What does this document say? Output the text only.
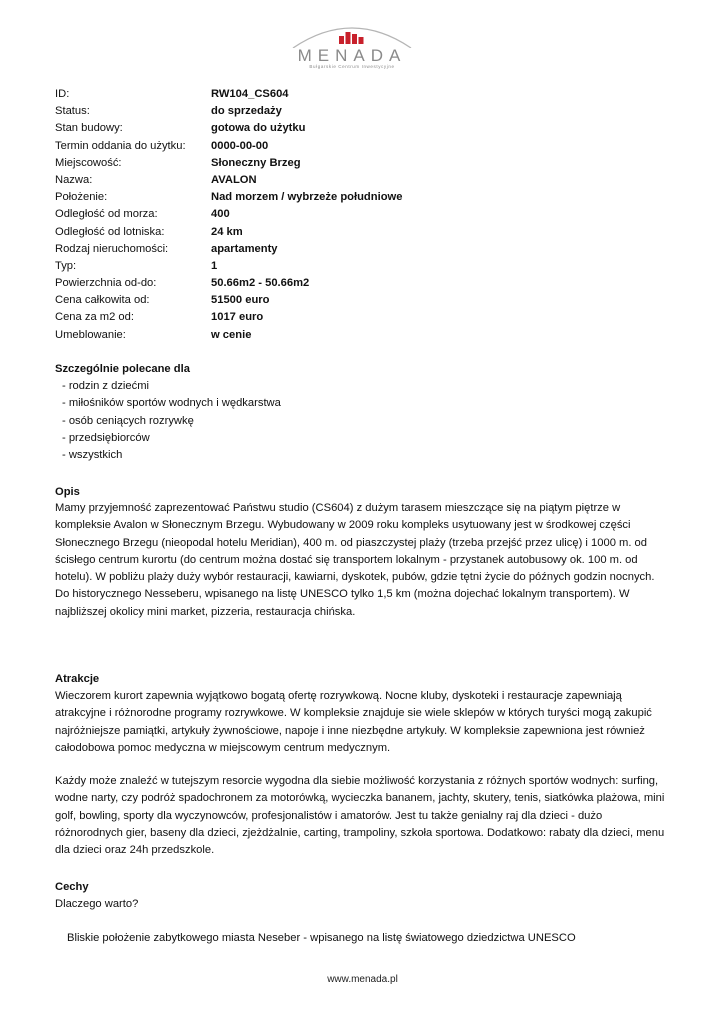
MENADA
Bułgarskie Centrum Inwestycyjne
ID:	RW104_CS604
Status:	do sprzedaży
Stan budowy:	gotowa do użytku
Termin oddania do użytku: 0000-00-00
Miejscowość:	Słoneczny Brzeg
Nazwa:	AVALON
Położenie:	Nad morzem / wybrzeże południowe
Odległość od morza:	400
Odległość od lotniska:	24 km
Rodzaj nieruchomości:	apartamenty
Typ:	1
Powierzchnia od-do:	50.66m2 - 50.66m2
Cena całkowita od:	51500 euro
Cena za m2 od:	1017 euro
Umeblowanie:	w cenie
Szczególnie polecane dla
- rodzin z dziećmi
- miłośników sportów wodnych i wędkarstwa
- osób ceniących rozrywkę
- przedsiębiorców
- wszystkich
Opis

Mamy przyjemność zaprezentować Państwu studio (CS604) z dużym tarasem mieszczące się na piątym piętrze w kompleksie Avalon w Słonecznym Brzegu. Wybudowany w 2009 roku kompleks usytuowany jest w środkowej części Słonecznego Brzegu (nieopodal hotelu Meridian), 400 m. od piaszczystej plaży (trzeba przejść przez ulicę) i 1000 m. od ścisłego centrum kurortu (do centrum można dostać się transportem lokalnym - przystanek autobusowy ok. 100 m. od hotelu). W pobliżu plaży duży wybór restauracji, kawiarni, dyskotek, pubów, gdzie tętni życie do późnych godzin nocnych. Do historycznego Nesseberu, wpisanego na listę UNESCO tylko 1,5 km (można dojechać lokalnym transportem). W najbliższej okolicy mini market, pizzeria, restauracja chińska.

Atrakcje

Wieczorem kurort zapewnia wyjątkowo bogatą ofertę rozrywkową. Nocne kluby, dyskoteki i restauracje zapewniają atrakcyjne i różnorodne programy rozrywkowe. W kompleksie znajduje sie wiele sklepów w których turyści mogą zakupić najróżniejsze pamiątki, artykuły żywnościowe, napoje i inne niezbędne artykuły. W kompleksie zapewniona jest również całodobowa pomoc medyczna w miejscowym centrum medycznym.

Każdy może znaleźć w tutejszym resorcie wygodna dla siebie możliwość korzystania z różnych sportów wodnych: surfing, wodne narty, czy podróż spadochronem za motorówką, wycieczka bananem, jachty, skutery, tenis, siatkówka plażowa, mini golf, bowling, sporty dla wyczynowców, profesjonalistów i amatorów. Jest tu także genialny raj dla dzieci - dużo różnorodnych gier, baseny dla dzieci, zjeżdżalnie, carting, trampoliny, szkoła sportowa. Dodatkowo: rabaty dla dzieci, menu dla dzieci oraz 24h przedszkole.

Cechy
Dlaczego warto?
Bliskie położenie zabytkowego miasta Neseber - wpisanego na listę światowego dziedzictwa UNESCO
www.menada.pl
